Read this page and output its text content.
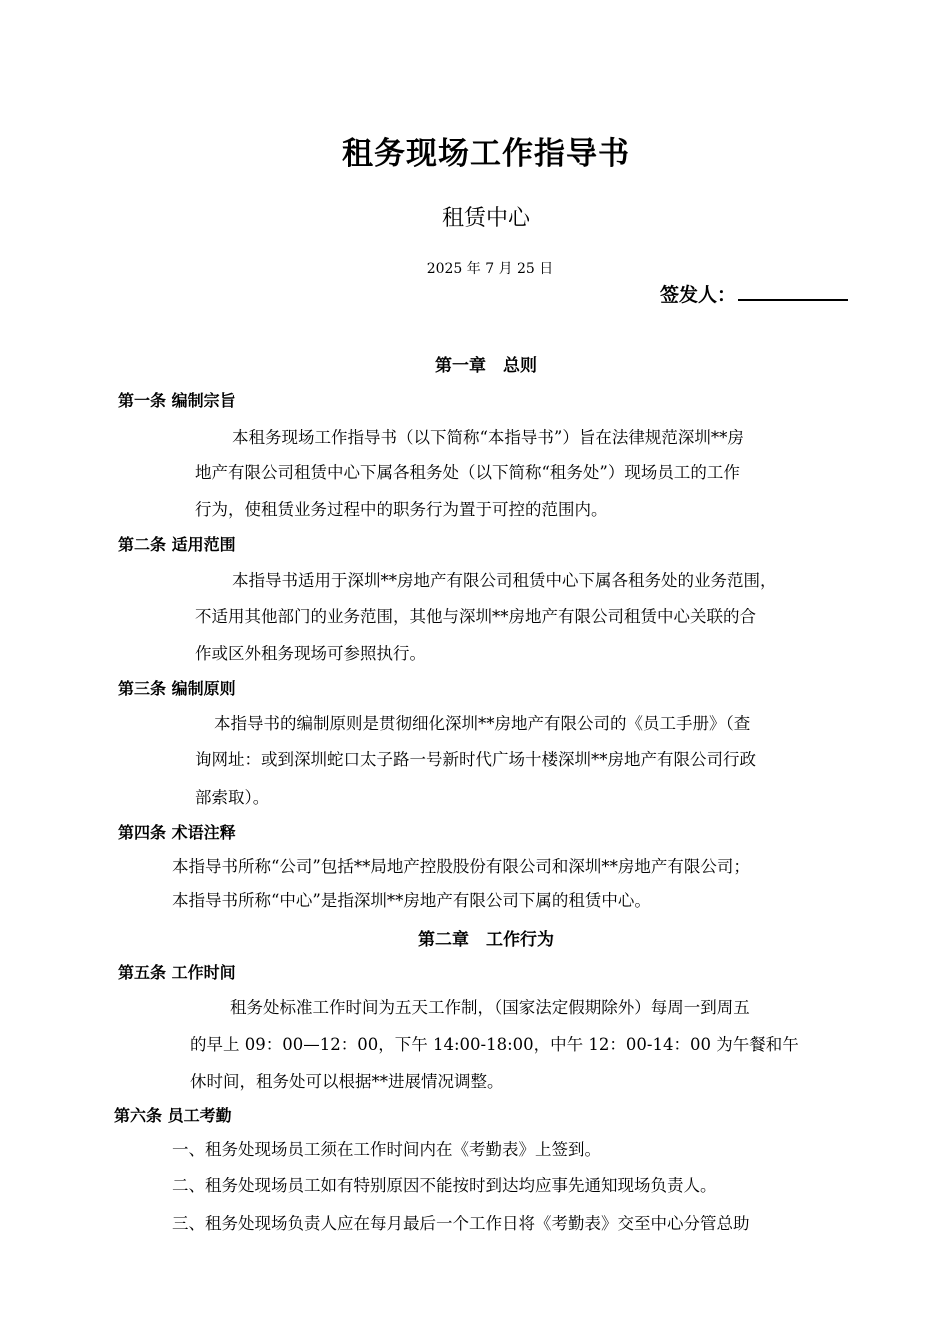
租务现场工作指导书
租赁中心
2025 年 7 月 25 日
签发人：
第一章　总则
第一条 编制宗旨
本租务现场工作指导书（以下简称“本指导书”）旨在法律规范深圳**房
地产有限公司租赁中心下属各租务处（以下简称“租务处”）现场员工的工作
行为，使租赁业务过程中的职务行为置于可控的范围内。
第二条 适用范围
本指导书适用于深圳**房地产有限公司租赁中心下属各租务处的业务范围，
不适用其他部门的业务范围，其他与深圳**房地产有限公司租赁中心关联的合
作或区外租务现场可参照执行。
第三条 编制原则
本指导书的编制原则是贯彻细化深圳**房地产有限公司的《员工手册》（查
询网址：或到深圳蛇口太子路一号新时代广场十楼深圳**房地产有限公司行政
部索取）。
第四条 术语注释
本指导书所称“公司”包括**局地产控股股份有限公司和深圳**房地产有限公司；
本指导书所称“中心”是指深圳**房地产有限公司下属的租赁中心。
第二章　工作行为
第五条 工作时间
租务处标准工作时间为五天工作制，（国家法定假期除外）每周一到周五
的早上 09：00—12：00，下午 14:00-18:00，中午 12：00-14：00 为午餐和午
休时间，租务处可以根据**进展情况调整。
第六条 员工考勤
一、租务处现场员工须在工作时间内在《考勤表》上签到。
二、租务处现场员工如有特别原因不能按时到达均应事先通知现场负责人。
三、租务处现场负责人应在每月最后一个工作日将《考勤表》交至中心分管总助
